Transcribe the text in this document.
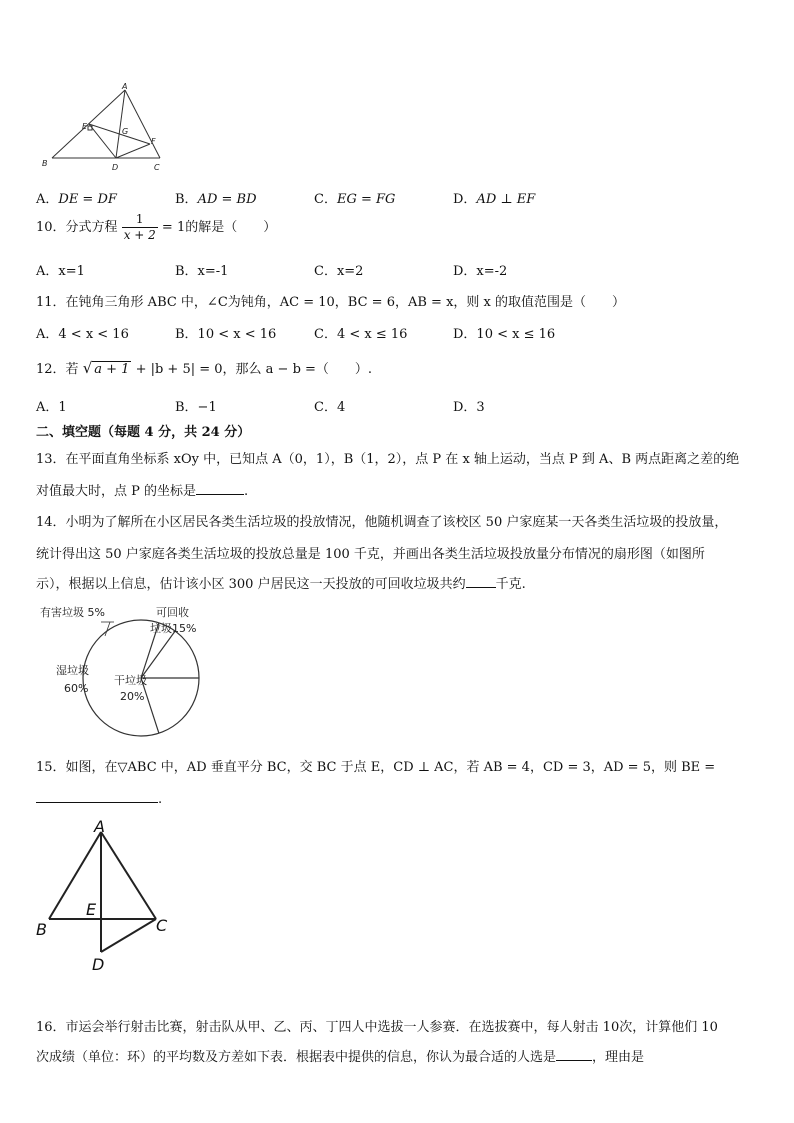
A
B	C
D
E
F
G
A．DE = DF	B．AD = BD	C．EG = FG	D．AD ⊥ EF
10．分式方程 $\frac{1}{x + 2} = 1$的解是（　　）
A．x=1	B．x=-1	C．x=2	D．x=-2
11．在钝角三角形 ABC 中，∠C为钝角，AC = 10，BC = 6，AB = x，则 x 的取值范围是（　　）
A．4 < x < 16	B．10 < x < 16	C．4 < x ≤ 16	D．10 < x ≤ 16
12．若 √ a + 1 + |b + 5| = 0，那么 a − b =（　　）.
A．1	B．−1	C．4	D．3
二、填空题（每题 4 分，共 24 分）
13．在平面直角坐标系 xOy 中，已知点 A（0，1），B（1，2），点 P 在 x 轴上运动，当点 P 到 A、B 两点距离之差的绝
对值最大时，点 P 的坐标是	.
14．小明为了解所在小区居民各类生活垃圾的投放情况，他随机调查了该校区 50 户家庭某一天各类生活垃圾的投放量，
统计得出这 50 户家庭各类生活垃圾的投放总量是 100 千克，并画出各类生活垃圾投放量分布情况的扇形图（如图所
示），根据以上信息，估计该小区 300 户居民这一天投放的可回收垃圾共约 千克.
有害垃圾 5%	可回收
垃圾15%
湿垃圾
60%
干垃圾
20%
15．如图，在▽ABC 中，AD 垂直平分 BC，交 BC 于点 E，CD ⊥ AC，若 AB = 4，CD = 3，AD = 5，则 BE =
.
A
B	C
D
E
16．市运会举行射击比赛，射击队从甲、乙、丙、丁四人中选拔一人参赛．在选拔赛中，每人射击 10次，计算他们 10
次成绩（单位：环）的平均数及方差如下表．根据表中提供的信息，你认为最合适的人选是	，理由是
